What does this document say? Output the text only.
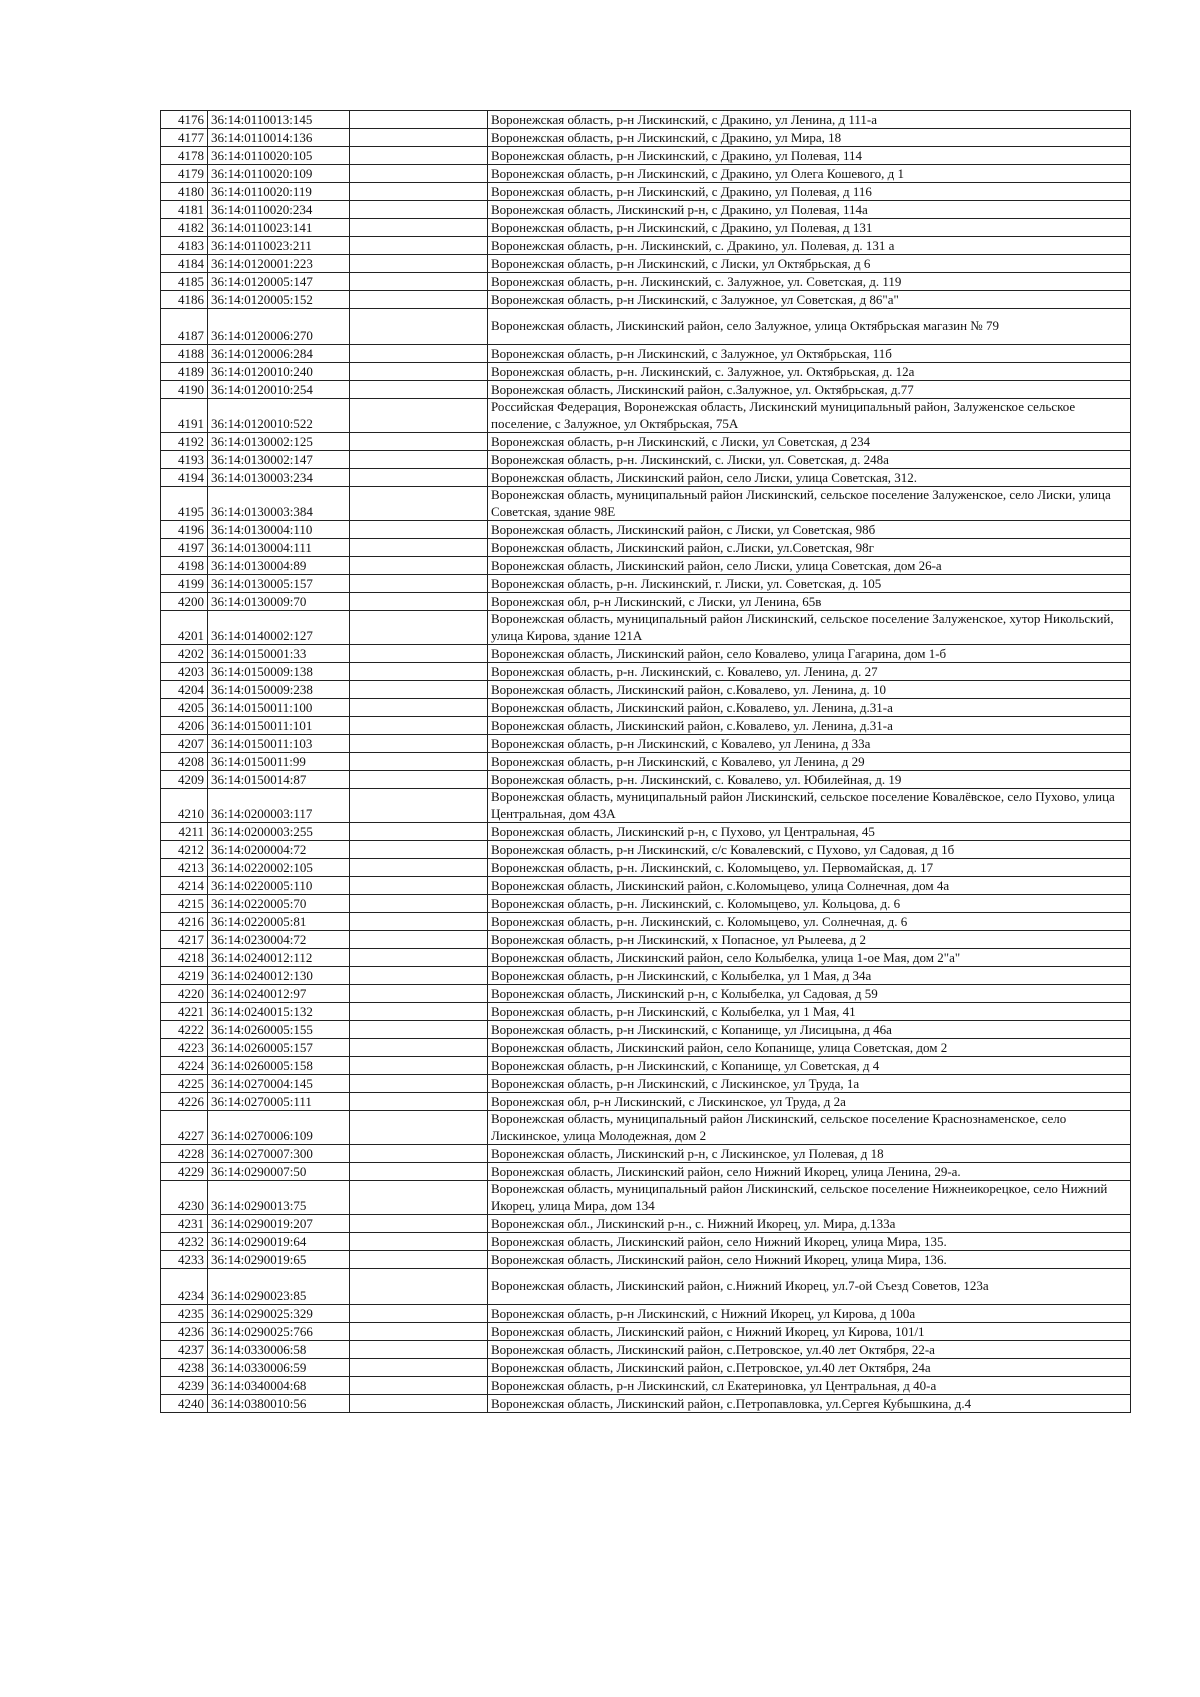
4176	36:14:0110013:145		Воронежская область, р-н Лискинский, с Дракино, ул Ленина, д 111-а
4177	36:14:0110014:136		Воронежская область, р-н Лискинский, с Дракино, ул Мира, 18
4178	36:14:0110020:105		Воронежская область, р-н Лискинский, с Дракино, ул Полевая, 114
4179	36:14:0110020:109		Воронежская область, р-н Лискинский, с Дракино, ул Олега Кошевого, д 1
4180	36:14:0110020:119		Воронежская область, р-н Лискинский, с Дракино, ул Полевая, д 116
4181	36:14:0110020:234		Воронежская область, Лискинский р-н, с Дракино, ул Полевая, 114а
4182	36:14:0110023:141		Воронежская область, р-н Лискинский, с Дракино, ул Полевая, д 131
4183	36:14:0110023:211		Воронежская область, р-н. Лискинский, с. Дракино, ул. Полевая, д. 131 а
4184	36:14:0120001:223		Воронежская область, р-н Лискинский, с Лиски, ул Октябрьская, д 6
4185	36:14:0120005:147		Воронежская область, р-н. Лискинский, с. Залужное, ул. Советская, д. 119
4186	36:14:0120005:152		Воронежская область, р-н Лискинский, с Залужное, ул Советская, д 86"а"
4187	36:14:0120006:270		Воронежская область, Лискинский район, село Залужное, улица Октябрьская магазин № 79
4188	36:14:0120006:284		Воронежская область, р-н Лискинский, с Залужное, ул Октябрьская, 11б
4189	36:14:0120010:240		Воронежская область, р-н. Лискинский, с. Залужное, ул. Октябрьская, д. 12а
4190	36:14:0120010:254		Воронежская область, Лискинский район, с.Залужное, ул. Октябрьская, д.77
4191	36:14:0120010:522		Российская Федерация, Воронежская область, Лискинский муниципальный район, Залуженское сельское поселение, с Залужное, ул Октябрьская, 75А
4192	36:14:0130002:125		Воронежская область, р-н Лискинский, с Лиски, ул Советская, д 234
4193	36:14:0130002:147		Воронежская область, р-н. Лискинский, с. Лиски, ул. Советская, д. 248а
4194	36:14:0130003:234		Воронежская область, Лискинский район, село Лиски, улица Советская, 312.
4195	36:14:0130003:384		Воронежская область, муниципальный район Лискинский, сельское поселение Залуженское, село Лиски, улица Советская, здание 98Е
4196	36:14:0130004:110		Воронежская область, Лискинский район, с Лиски, ул Советская, 98б
4197	36:14:0130004:111		Воронежская область, Лискинский район, с.Лиски, ул.Советская, 98г
4198	36:14:0130004:89		Воронежская область, Лискинский район, село Лиски, улица Советская, дом 26-а
4199	36:14:0130005:157		Воронежская область, р-н. Лискинский, г. Лиски, ул. Советская, д. 105
4200	36:14:0130009:70		Воронежская обл, р-н Лискинский, с Лиски, ул Ленина, 65в
4201	36:14:0140002:127		Воронежская область, муниципальный район Лискинский, сельское поселение Залуженское, хутор Никольский, улица Кирова, здание 121А
4202	36:14:0150001:33		Воронежская область, Лискинский район, село Ковалево, улица Гагарина, дом 1-б
4203	36:14:0150009:138		Воронежская область, р-н. Лискинский, с. Ковалево, ул. Ленина, д. 27
4204	36:14:0150009:238		Воронежская область, Лискинский район, с.Ковалево, ул. Ленина, д. 10
4205	36:14:0150011:100		Воронежская область, Лискинский район, с.Ковалево, ул. Ленина, д.31-а
4206	36:14:0150011:101		Воронежская область, Лискинский район, с.Ковалево, ул. Ленина, д.31-а
4207	36:14:0150011:103		Воронежская область, р-н Лискинский, с Ковалево, ул Ленина, д 33а
4208	36:14:0150011:99		Воронежская область, р-н Лискинский, с Ковалево, ул Ленина, д 29
4209	36:14:0150014:87		Воронежская область, р-н. Лискинский, с. Ковалево, ул. Юбилейная, д. 19
4210	36:14:0200003:117		Воронежская область, муниципальный район Лискинский, сельское поселение Ковалёвское, село Пухово, улица Центральная, дом 43А
4211	36:14:0200003:255		Воронежская область, Лискинский р-н, с Пухово, ул Центральная, 45
4212	36:14:0200004:72		Воронежская область, р-н Лискинский, с/с Ковалевский, с Пухово, ул Садовая, д 1б
4213	36:14:0220002:105		Воронежская область, р-н. Лискинский, с. Коломыцево, ул. Первомайская, д. 17
4214	36:14:0220005:110		Воронежская область, Лискинский район, с.Коломыцево, улица Солнечная, дом 4а
4215	36:14:0220005:70		Воронежская область, р-н. Лискинский, с. Коломыцево, ул. Кольцова, д. 6
4216	36:14:0220005:81		Воронежская область, р-н. Лискинский, с. Коломыцево, ул. Солнечная, д. 6
4217	36:14:0230004:72		Воронежская область, р-н Лискинский, х Попасное, ул Рылеева, д 2
4218	36:14:0240012:112		Воронежская область, Лискинский район, село Колыбелка, улица 1-ое Мая, дом 2"а"
4219	36:14:0240012:130		Воронежская область, р-н Лискинский, с Колыбелка, ул 1 Мая, д 34а
4220	36:14:0240012:97		Воронежская область, Лискинский р-н, с Колыбелка, ул Садовая, д 59
4221	36:14:0240015:132		Воронежская область, р-н Лискинский, с Колыбелка, ул 1 Мая, 41
4222	36:14:0260005:155		Воронежская область, р-н Лискинский, с Копанище, ул Лисицына, д 46а
4223	36:14:0260005:157		Воронежская область, Лискинский район, село Копанище, улица Советская, дом 2
4224	36:14:0260005:158		Воронежская область, р-н Лискинский, с Копанище, ул Советская, д 4
4225	36:14:0270004:145		Воронежская область, р-н Лискинский, с Лискинское, ул Труда, 1а
4226	36:14:0270005:111		Воронежская обл, р-н Лискинский, с Лискинское, ул Труда, д 2а
4227	36:14:0270006:109		Воронежская область, муниципальный район Лискинский, сельское поселение Краснознаменское, село Лискинское, улица Молодежная, дом 2
4228	36:14:0270007:300		Воронежская область, Лискинский р-н, с Лискинское, ул Полевая, д 18
4229	36:14:0290007:50		Воронежская область, Лискинский район, село Нижний Икорец, улица Ленина, 29-а.
4230	36:14:0290013:75		Воронежская область, муниципальный район Лискинский, сельское поселение Нижнеикорецкое, село Нижний Икорец, улица Мира, дом 134
4231	36:14:0290019:207		Воронежская обл., Лискинский р-н., с. Нижний Икорец, ул. Мира, д.133а
4232	36:14:0290019:64		Воронежская область, Лискинский район, село Нижний Икорец, улица Мира, 135.
4233	36:14:0290019:65		Воронежская область, Лискинский район, село Нижний Икорец, улица Мира, 136.
4234	36:14:0290023:85		Воронежская область, Лискинский район, с.Нижний Икорец, ул.7-ой Съезд Советов, 123а
4235	36:14:0290025:329		Воронежская область, р-н Лискинский, с Нижний Икорец, ул Кирова, д 100а
4236	36:14:0290025:766		Воронежская область, Лискинский район, с Нижний Икорец, ул Кирова, 101/1
4237	36:14:0330006:58		Воронежская область, Лискинский район, с.Петровское, ул.40 лет Октября, 22-а
4238	36:14:0330006:59		Воронежская область, Лискинский район, с.Петровское, ул.40 лет Октября, 24а
4239	36:14:0340004:68		Воронежская область, р-н Лискинский, сл Екатериновка, ул Центральная, д 40-а
4240	36:14:0380010:56		Воронежская область, Лискинский район, с.Петропавловка, ул.Сергея Кубышкина, д.4
